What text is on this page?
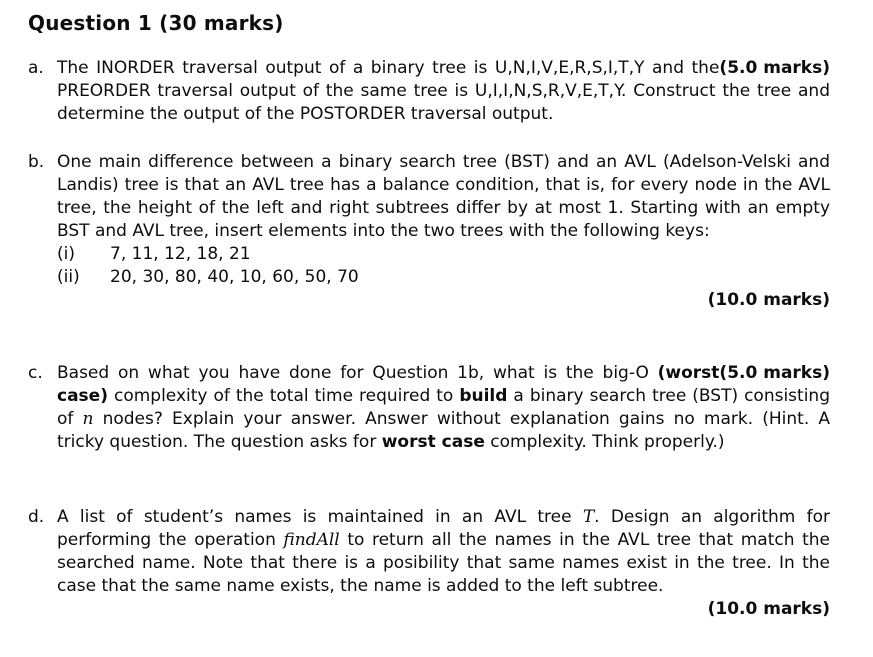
Question 1 (30 marks)
a.	(5.0 marks)
The INORDER traversal output of a binary tree is U,N,I,V,E,R,S,I,T,Y and the PREORDER traversal output of the same tree is U,I,I,N,S,R,V,E,T,Y. Construct the tree and determine the output of the POSTORDER traversal output.

b. One main difference between a binary search tree (BST) and an AVL (Adelson-Velski and Landis) tree is that an AVL tree has a balance condition, that is, for every node in the AVL tree, the height of the left and right subtrees differ by at most 1. Starting with an empty BST and AVL tree, insert elements into the two trees with the following keys:

(i)	7, 11, 12, 18, 21
(ii)	20, 30, 80, 40, 10, 60, 50, 70
(10.0 marks)
c.	(5.0 marks)
Based on what you have done for Question 1b, what is the big-O (worst case) complexity of the total time required to build a binary search tree (BST) consisting of n nodes? Explain your answer. Answer without explanation gains no mark. (Hint. A tricky question. The question asks for worst case complexity. Think properly.)

d. A list of student’s names is maintained in an AVL tree T. Design an algorithm for performing the operation findAll to return all the names in the AVL tree that match the searched name. Note that there is a posibility that same names exist in the tree. In the case that the same name exists, the name is added to the left subtree.

(10.0 marks)
